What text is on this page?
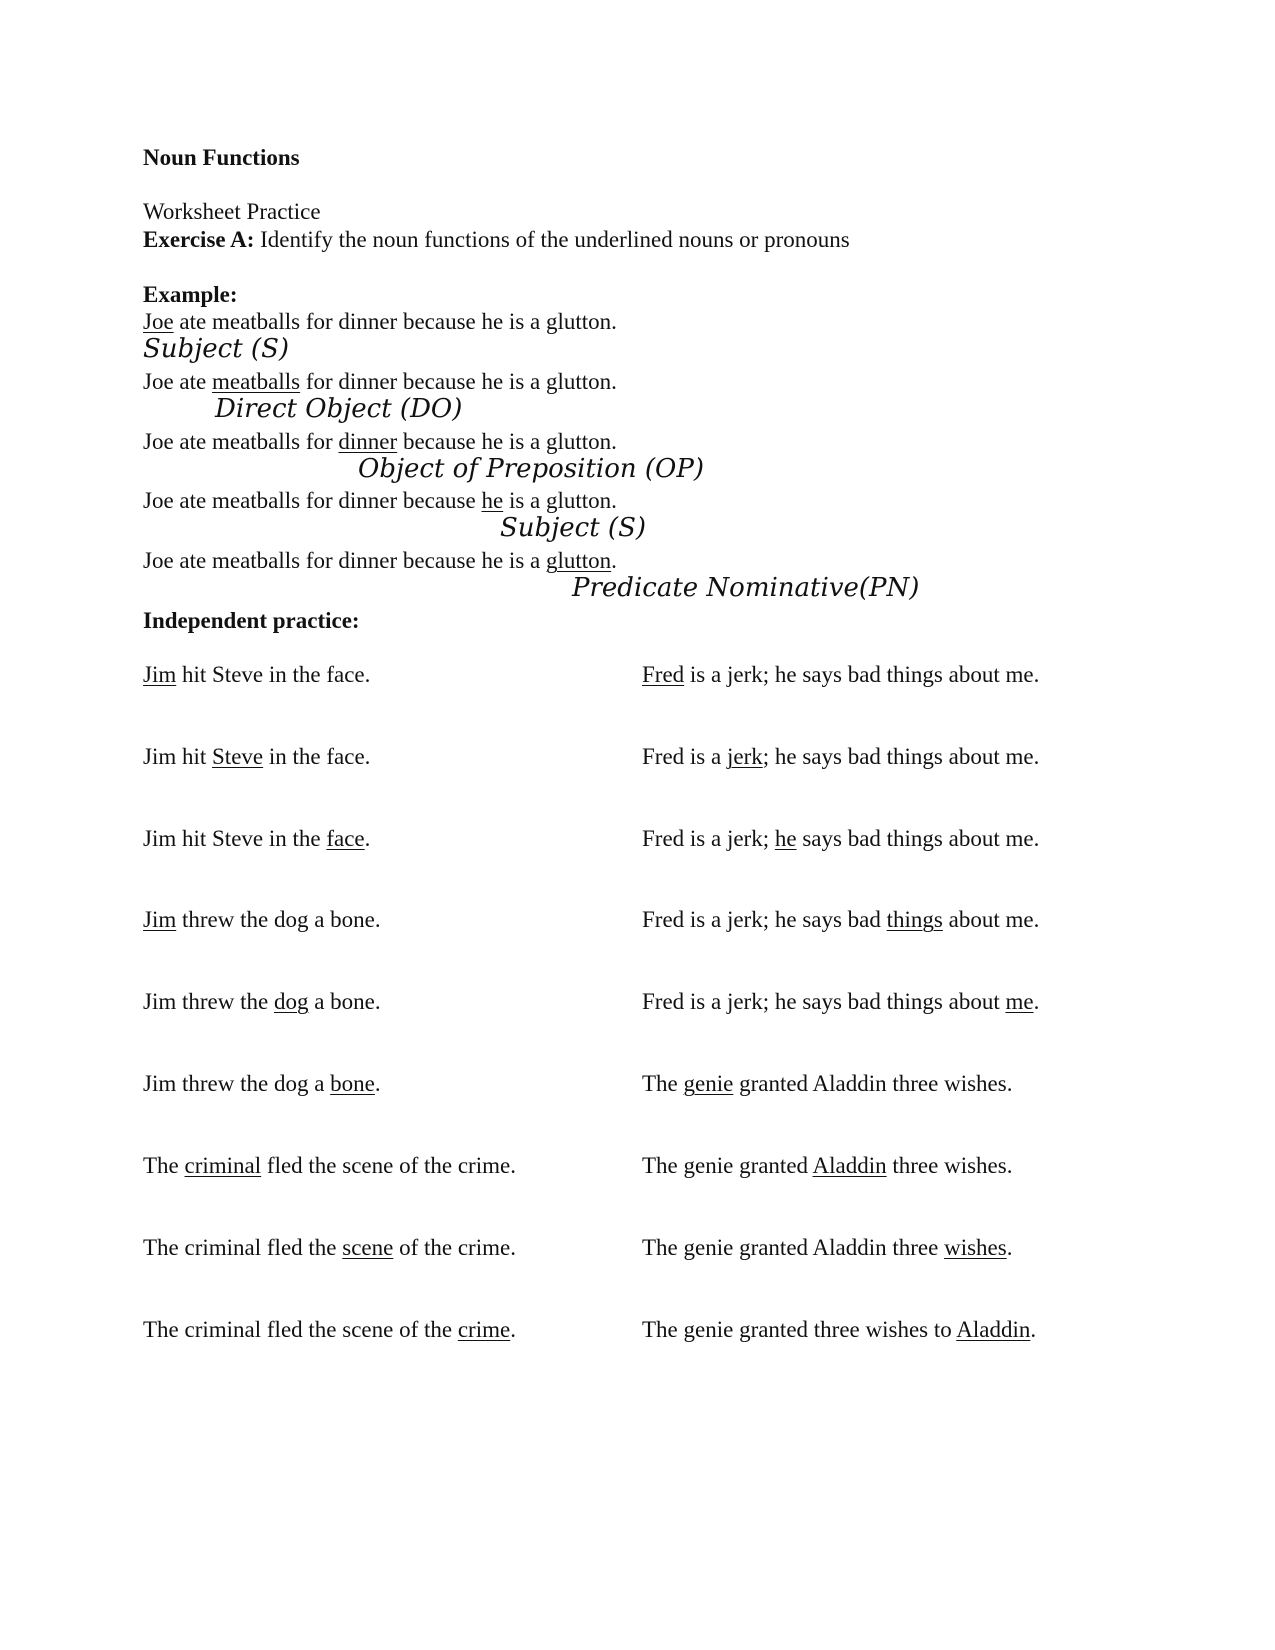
Noun Functions
Worksheet Practice
Exercise A: Identify the noun functions of the underlined nouns or pronouns
Example:
Joe ate meatballs for dinner because he is a glutton.
Subject (S)
Joe ate meatballs for dinner because he is a glutton.
Direct Object (DO)
Joe ate meatballs for dinner because he is a glutton.
Object of Preposition (OP)
Joe ate meatballs for dinner because he is a glutton.
Subject (S)
Joe ate meatballs for dinner because he is a glutton.
Predicate Nominative(PN)
Independent practice:
Jim hit Steve in the face.
Jim hit Steve in the face.
Jim hit Steve in the face.
Jim threw the dog a bone.
Jim threw the dog a bone.
Jim threw the dog a bone.
The criminal fled the scene of the crime.
The criminal fled the scene of the crime.
The criminal fled the scene of the crime.
Fred is a jerk; he says bad things about me.
Fred is a jerk; he says bad things about me.
Fred is a jerk; he says bad things about me.
Fred is a jerk; he says bad things about me.
Fred is a jerk; he says bad things about me.
The genie granted Aladdin three wishes.
The genie granted Aladdin three wishes.
The genie granted Aladdin three wishes.
The genie granted three wishes to Aladdin.
